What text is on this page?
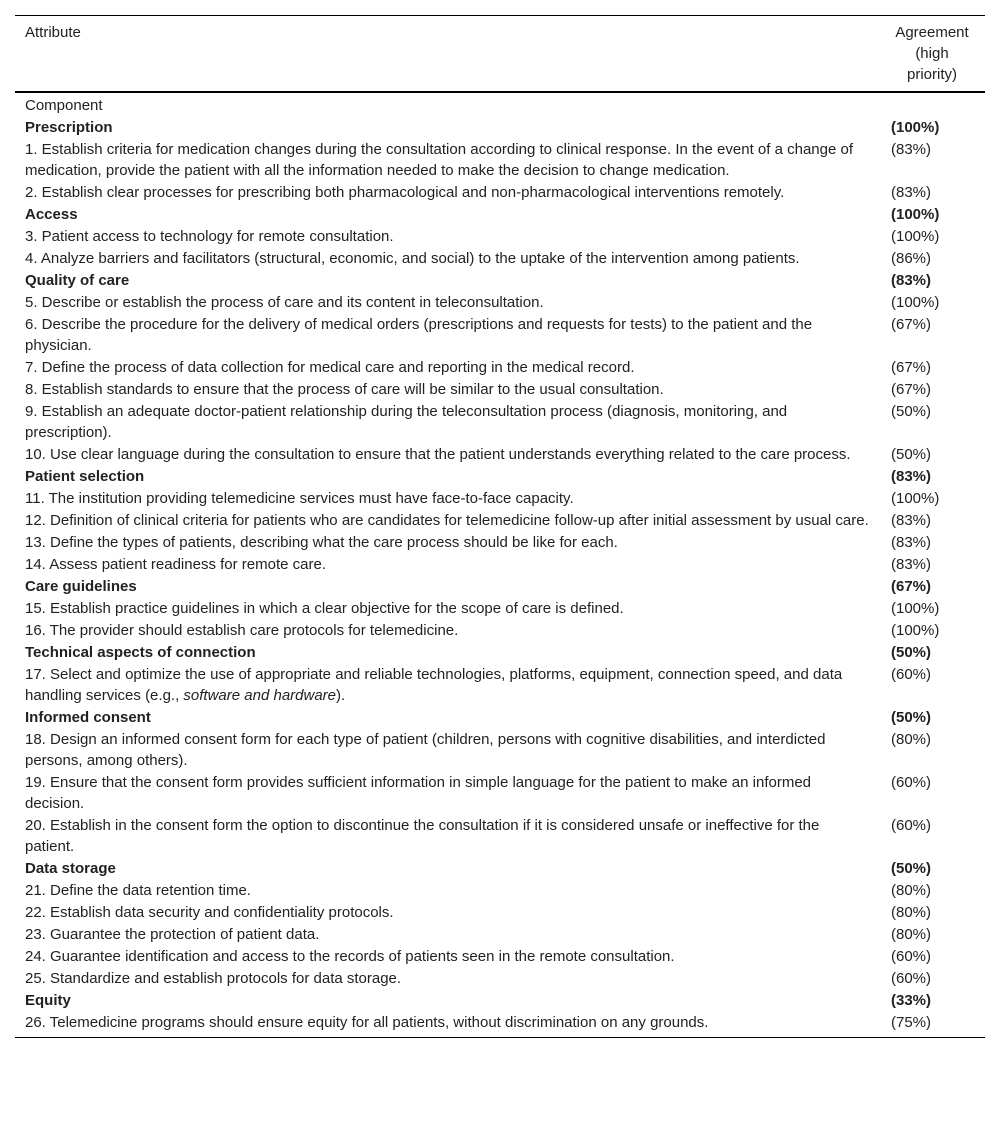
Attribute	Agreement
(high
priority)
Component	
Prescription	(100%)
1. Establish criteria for medication changes during the consultation according to clinical response. In the event of a change of medication, provide the patient with all the information needed to make the decision to change medication.	(83%)
2. Establish clear processes for prescribing both pharmacological and non-pharmacological interventions remotely.	(83%)
Access	(100%)
3. Patient access to technology for remote consultation.	(100%)
4. Analyze barriers and facilitators (structural, economic, and social) to the uptake of the intervention among patients.	(86%)
Quality of care	(83%)
5. Describe or establish the process of care and its content in teleconsultation.	(100%)
6. Describe the procedure for the delivery of medical orders (prescriptions and requests for tests) to the patient and the physician.	(67%)
7. Define the process of data collection for medical care and reporting in the medical record.	(67%)
8. Establish standards to ensure that the process of care will be similar to the usual consultation.	(67%)
9. Establish an adequate doctor-patient relationship during the teleconsultation process (diagnosis, monitoring, and prescription).	(50%)
10. Use clear language during the consultation to ensure that the patient understands everything related to the care process.	(50%)
Patient selection	(83%)
11. The institution providing telemedicine services must have face-to-face capacity.	(100%)
12. Definition of clinical criteria for patients who are candidates for telemedicine follow-up after initial assessment by usual care.	(83%)
13. Define the types of patients, describing what the care process should be like for each.	(83%)
14. Assess patient readiness for remote care.	(83%)
Care guidelines	(67%)
15. Establish practice guidelines in which a clear objective for the scope of care is defined.	(100%)
16. The provider should establish care protocols for telemedicine.	(100%)
Technical aspects of connection	(50%)
17. Select and optimize the use of appropriate and reliable technologies, platforms, equipment, connection speed, and data handling services (e.g., software and hardware).	(60%)
Informed consent	(50%)
18. Design an informed consent form for each type of patient (children, persons with cognitive disabilities, and interdicted persons, among others).	(80%)
19. Ensure that the consent form provides sufficient information in simple language for the patient to make an informed decision.	(60%)
20. Establish in the consent form the option to discontinue the consultation if it is considered unsafe or ineffective for the patient.	(60%)
Data storage	(50%)
21. Define the data retention time.	(80%)
22. Establish data security and confidentiality protocols.	(80%)
23. Guarantee the protection of patient data.	(80%)
24. Guarantee identification and access to the records of patients seen in the remote consultation.	(60%)
25. Standardize and establish protocols for data storage.	(60%)
Equity	(33%)
26. Telemedicine programs should ensure equity for all patients, without discrimination on any grounds.	(75%)
